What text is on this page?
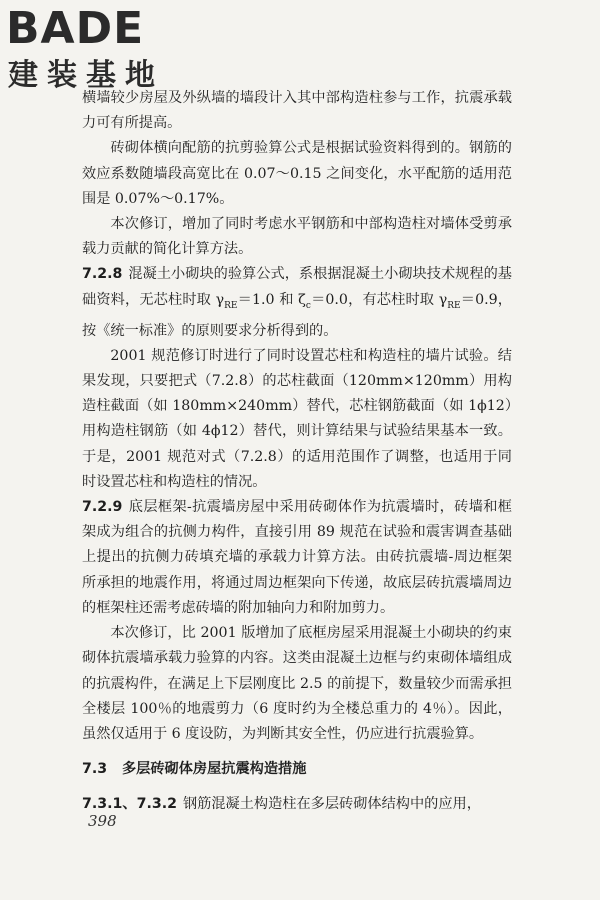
BADE
建装基地

横墙较少房屋及外纵墙的墙段计入其中部构造柱参与工作，抗震承载力可有所提高。

砖砌体横向配筋的抗剪验算公式是根据试验资料得到的。钢筋的效应系数随墙段高宽比在 0.07～0.15 之间变化，水平配筋的适用范围是 0.07%～0.17%。

本次修订，增加了同时考虑水平钢筋和中部构造柱对墙体受剪承载力贡献的简化计算方法。

7.2.8 混凝土小砌块的验算公式，系根据混凝土小砌块技术规程的基础资料，无芯柱时取 $\gamma_{RE}=1.0$ 和 $\zeta_c=0.0$，有芯柱时取 $\gamma_{RE}=0.9$，按《统一标准》的原则要求分析得到的。

2001 规范修订时进行了同时设置芯柱和构造柱的墙片试验。结果发现，只要把式（7.2.8）的芯柱截面（120mm×120mm）用构造柱截面（如 180mm×240mm）替代，芯柱钢筋截面（如 1ϕ12）用构造柱钢筋（如 4ϕ12）替代，则计算结果与试验结果基本一致。于是，2001 规范对式（7.2.8）的适用范围作了调整，也适用于同时设置芯柱和构造柱的情况。

7.2.9 底层框架-抗震墙房屋中采用砖砌体作为抗震墙时，砖墙和框架成为组合的抗侧力构件，直接引用 89 规范在试验和震害调查基础上提出的抗侧力砖填充墙的承载力计算方法。由砖抗震墙-周边框架所承担的地震作用，将通过周边框架向下传递，故底层砖抗震墙周边的框架柱还需考虑砖墙的附加轴向力和附加剪力。

本次修订，比 2001 版增加了底框房屋采用混凝土小砌块的约束砌体抗震墙承载力验算的内容。这类由混凝土边框与约束砌体墙组成的抗震构件，在满足上下层刚度比 2.5 的前提下，数量较少而需承担全楼层 100％的地震剪力（6 度时约为全楼总重力的 4％）。因此，虽然仅适用于 6 度设防，为判断其安全性，仍应进行抗震验算。

7.3 多层砖砌体房屋抗震构造措施

7.3.1、7.3.2 钢筋混凝土构造柱在多层砖砌体结构中的应用，

398
